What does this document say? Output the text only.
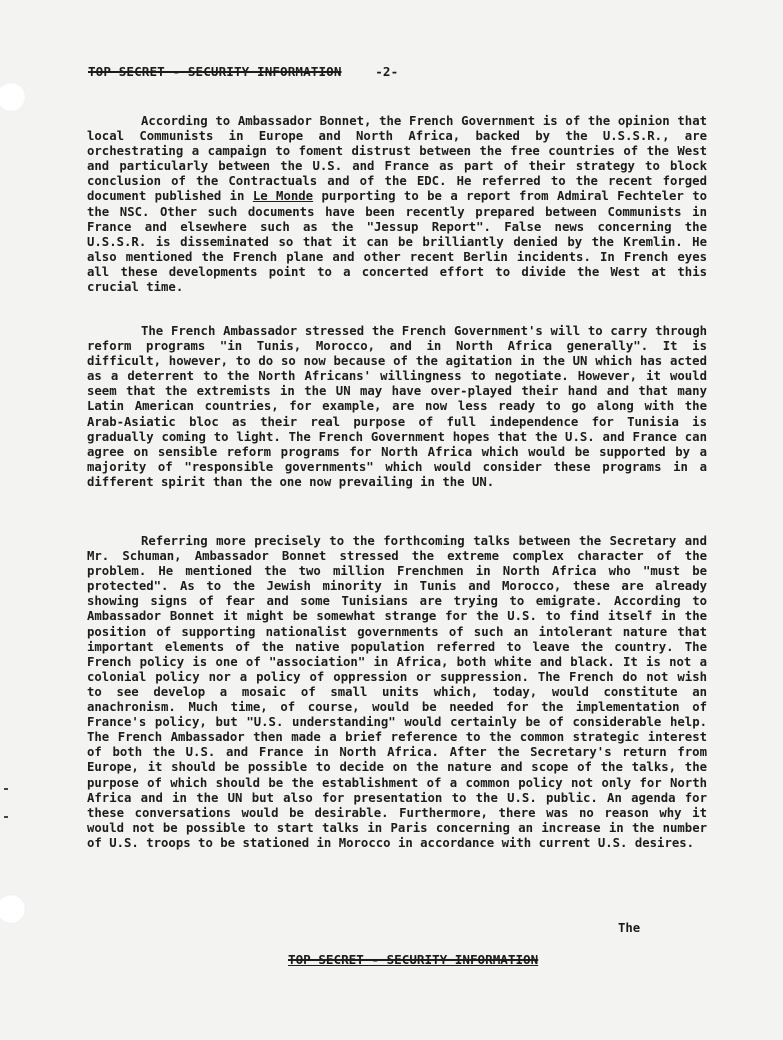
TOP SECRET - SECURITY INFORMATION	-2-

According to Ambassador Bonnet, the French Government is of the opinion that local Communists in Europe and North Africa, backed by the U.S.S.R., are orchestrating a campaign to foment distrust between the free countries of the West and particularly between the U.S. and France as part of their strategy to block conclusion of the Contractuals and of the EDC. He referred to the recent forged document published in Le Monde purporting to be a report from Admiral Fechteler to the NSC. Other such documents have been recently prepared between Communists in France and elsewhere such as the "Jessup Report". False news concerning the U.S.S.R. is disseminated so that it can be brilliantly denied by the Kremlin. He also mentioned the French plane and other recent Berlin incidents. In French eyes all these developments point to a concerted effort to divide the West at this crucial time.

The French Ambassador stressed the French Government's will to carry through reform programs "in Tunis, Morocco, and in North Africa generally". It is difficult, however, to do so now because of the agitation in the UN which has acted as a deterrent to the North Africans' willingness to negotiate. However, it would seem that the extremists in the UN may have over-played their hand and that many Latin American countries, for example, are now less ready to go along with the Arab-Asiatic bloc as their real purpose of full independence for Tunisia is gradually coming to light. The French Government hopes that the U.S. and France can agree on sensible reform programs for North Africa which would be supported by a majority of "responsible governments" which would consider these programs in a different spirit than the one now prevailing in the UN.

Referring more precisely to the forthcoming talks between the Secretary and Mr. Schuman, Ambassador Bonnet stressed the extreme complex character of the problem. He mentioned the two million Frenchmen in North Africa who "must be protected". As to the Jewish minority in Tunis and Morocco, these are already showing signs of fear and some Tunisians are trying to emigrate. According to Ambassador Bonnet it might be somewhat strange for the U.S. to find itself in the position of supporting nationalist governments of such an intolerant nature that important elements of the native population referred to leave the country. The French policy is one of "association" in Africa, both white and black. It is not a colonial policy nor a policy of oppression or suppression. The French do not wish to see develop a mosaic of small units which, today, would constitute an anachronism. Much time, of course, would be needed for the implementation of France's policy, but "U.S. understanding" would certainly be of considerable help. The French Ambassador then made a brief reference to the common strategic interest of both the U.S. and France in North Africa. After the Secretary's return from Europe, it should be possible to decide on the nature and scope of the talks, the purpose of which should be the establishment of a common policy not only for North Africa and in the UN but also for presentation to the U.S. public. An agenda for these conversations would be desirable. Furthermore, there was no reason why it would not be possible to start talks in Paris concerning an increase in the number of U.S. troops to be stationed in Morocco in accordance with current U.S. desires.

The
TOP SECRET - SECURITY INFORMATION
